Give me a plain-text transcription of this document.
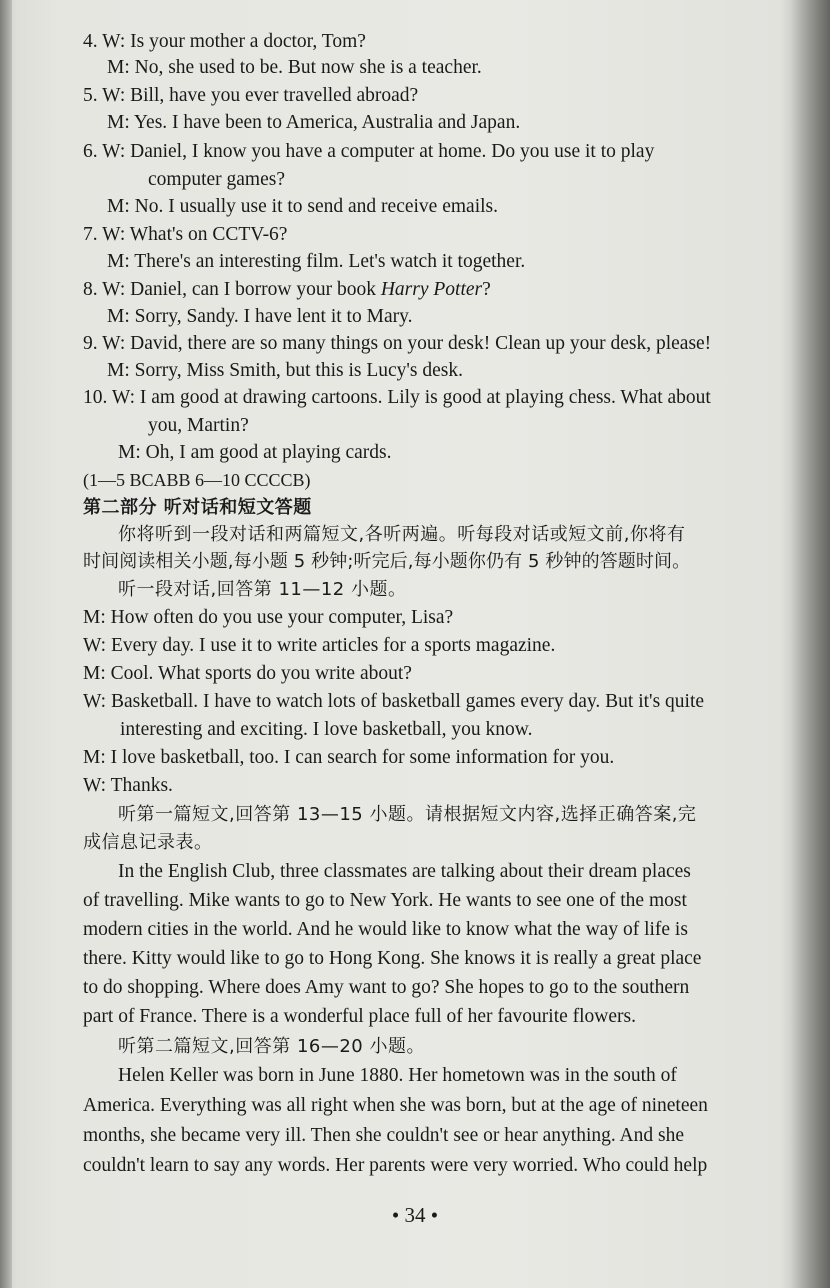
4. W: Is your mother a doctor, Tom?
M: No, she used to be. But now she is a teacher.
5. W: Bill, have you ever travelled abroad?
M: Yes. I have been to America, Australia and Japan.
6. W: Daniel, I know you have a computer at home. Do you use it to play
computer games?
M: No. I usually use it to send and receive emails.
7. W: What's on CCTV-6?
M: There's an interesting film. Let's watch it together.
8. W: Daniel, can I borrow your book Harry Potter?
M: Sorry, Sandy. I have lent it to Mary.
9. W: David, there are so many things on your desk! Clean up your desk, please!
M: Sorry, Miss Smith, but this is Lucy's desk.
10. W: I am good at drawing cartoons. Lily is good at playing chess. What about
you, Martin?
M: Oh, I am good at playing cards.
(1—5 BCABB 6—10 CCCCB)
第二部分 听对话和短文答题
你将听到一段对话和两篇短文,各听两遍。听每段对话或短文前,你将有
时间阅读相关小题,每小题 5 秒钟;听完后,每小题你仍有 5 秒钟的答题时间。
听一段对话,回答第 11—12 小题。
M: How often do you use your computer, Lisa?
W: Every day. I use it to write articles for a sports magazine.
M: Cool. What sports do you write about?
W: Basketball. I have to watch lots of basketball games every day. But it's quite
interesting and exciting. I love basketball, you know.
M: I love basketball, too. I can search for some information for you.
W: Thanks.
听第一篇短文,回答第 13—15 小题。请根据短文内容,选择正确答案,完
成信息记录表。
In the English Club, three classmates are talking about their dream places
of travelling. Mike wants to go to New York. He wants to see one of the most
modern cities in the world. And he would like to know what the way of life is
there. Kitty would like to go to Hong Kong. She knows it is really a great place
to do shopping. Where does Amy want to go? She hopes to go to the southern
part of France. There is a wonderful place full of her favourite flowers.
听第二篇短文,回答第 16—20 小题。
Helen Keller was born in June 1880. Her hometown was in the south of
America. Everything was all right when she was born, but at the age of nineteen
months, she became very ill. Then she couldn't see or hear anything. And she
couldn't learn to say any words. Her parents were very worried. Who could help
• 34 •
